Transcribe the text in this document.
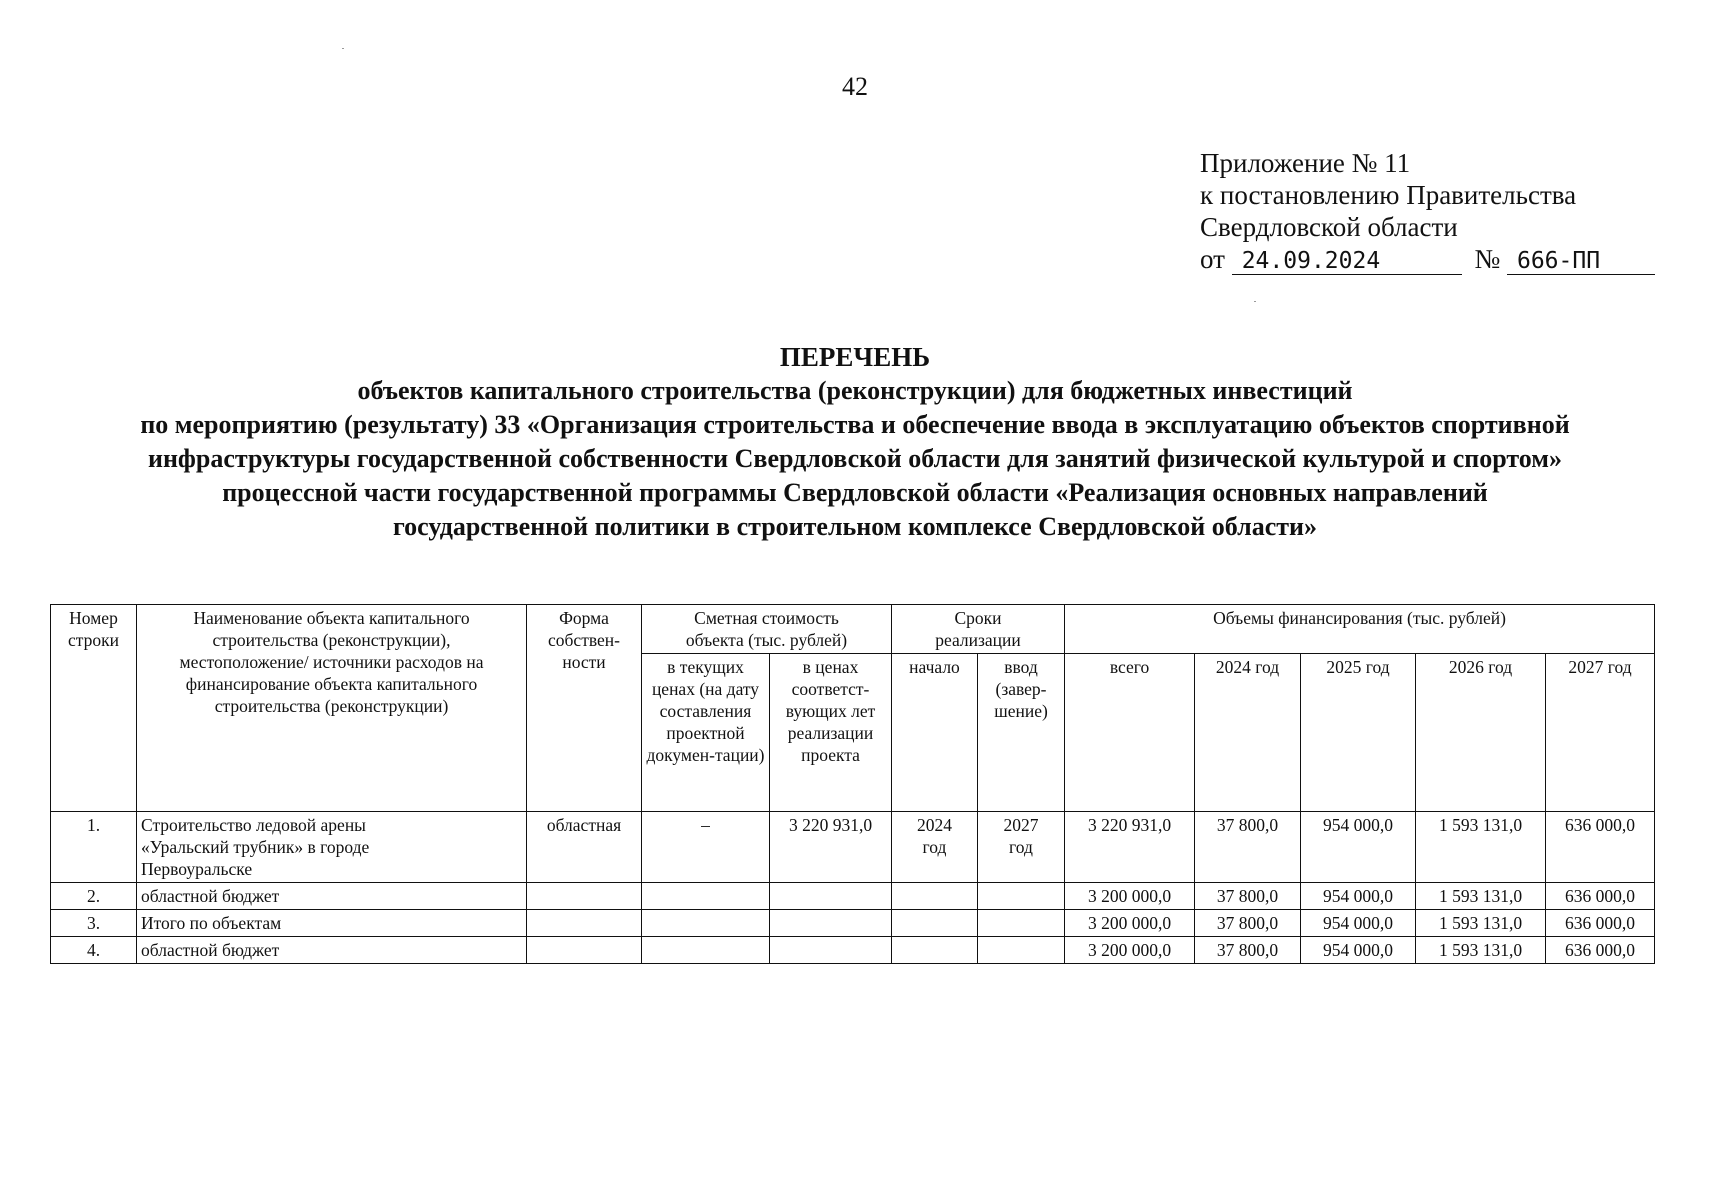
42
Приложение № 11
к постановлению Правительства
Свердловской области
от 24.09.2024	№ 666-ПП
ПЕРЕЧЕНЬ
объектов капитального строительства (реконструкции) для бюджетных инвестиций
по мероприятию (результату) 33 «Организация строительства и обеспечение ввода в эксплуатацию объектов спортивной
инфраструктуры государственной собственности Свердловской области для занятий физической культурой и спортом»
процессной части государственной программы Свердловской области «Реализация основных направлений
государственной политики в строительном комплексе Свердловской области»
Номер строки	Наименование объекта капитального строительства (реконструкции), местоположение/ источники расходов на финансирование объекта капитального строительства (реконструкции)	Форма собствен-ности	Сметная стоимость объекта (тыс. рублей)		Сроки реализации		Объемы финансирования (тыс. рублей)				
			в текущих ценах (на дату составления проектной докумен-тации)	в ценах соответст-вующих лет реализации проекта	начало	ввод (завер-шение)	всего	2024 год	2025 год	2026 год	2027 год
1.	Строительство ледовой арены «Уральский трубник» в городе Первоуральске	областная	–	3 220 931,0	2024 год	2027 год	3 220 931,0	37 800,0	954 000,0	1 593 131,0	636 000,0
2.	областной бюджет						3 200 000,0	37 800,0	954 000,0	1 593 131,0	636 000,0
3.	Итого по объектам						3 200 000,0	37 800,0	954 000,0	1 593 131,0	636 000,0
4.	областной бюджет						3 200 000,0	37 800,0	954 000,0	1 593 131,0	636 000,0
